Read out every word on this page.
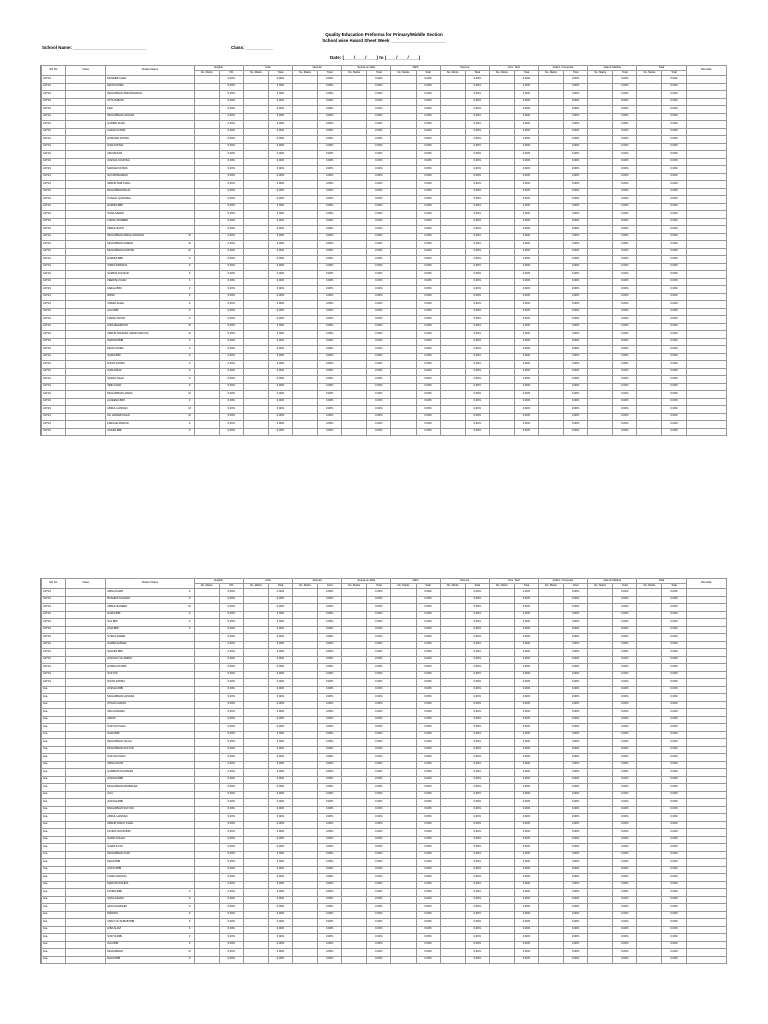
Quality Education Preforma for Primary/Middle Section
School wise Award Sheet Week ______________________
School Name: _____________________________	Class: ___________
Date: (____/____/____) to (____/____/____)
GR No.	Class	Student Name	English		Urdu		Islamiat		Seerat-un-Nabi		Math		Science		Com. Tech		Arabic / Computer		Islamic Madina		Total		Remarks
			No. Marks	5%	No. Marks	Total	No. Marks	Total	No. Marks	Total	No. Marks	Total	No. Marks	Total	No. Marks	Total	No. Marks	Total	No. Marks	Total	No. Marks	Total	
4473/1		MUNEEB KHAN		0.00%		0.00%		0.00%		0.00%		0.00%		0.00%		0.00%		0.00%		0.00%		0.00%	
4473/1		MAIN FATIMA		0.00%		0.00%		0.00%		0.00%		0.00%		0.00%		0.00%		0.00%		0.00%		0.00%	
4473/1		MUHAMMAD ABDURAHMAN		0.00%		0.00%		0.00%		0.00%		0.00%		0.00%		0.00%		0.00%		0.00%		0.00%	
4473/1		ATTA ZUBAIR		0.00%		0.00%		0.00%		0.00%		0.00%		0.00%		0.00%		0.00%		0.00%		0.00%	
4473/1		FAIZ		0.00%		0.00%		0.00%		0.00%		0.00%		0.00%		0.00%		0.00%		0.00%		0.00%	
4473/1		MUHAMMAD HASSAN		0.00%		0.00%		0.00%		0.00%		0.00%		0.00%		0.00%		0.00%		0.00%		0.00%	
4473/1		HAIDER KHAN		0.00%		0.00%		0.00%		0.00%		0.00%		0.00%		0.00%		0.00%		0.00%		0.00%	
4473/1		AAZAZ FATIMA		0.00%		0.00%		0.00%		0.00%		0.00%		0.00%		0.00%		0.00%		0.00%		0.00%	
4473/1		HUMAIRA FATIMA		0.00%		0.00%		0.00%		0.00%		0.00%		0.00%		0.00%		0.00%		0.00%		0.00%	
4473/1		HINA FATIMA		0.00%		0.00%		0.00%		0.00%		0.00%		0.00%		0.00%		0.00%		0.00%		0.00%	
4473/1		ABU BAKAR		0.00%		0.00%		0.00%		0.00%		0.00%		0.00%		0.00%		0.00%		0.00%		0.00%	
4473/1		AYESHA SULTANA		0.00%		0.00%		0.00%		0.00%		0.00%		0.00%		0.00%		0.00%		0.00%		0.00%	
4473/1		MARIAM FATIMA		0.00%		0.00%		0.00%		0.00%		0.00%		0.00%		0.00%		0.00%		0.00%		0.00%	
4473/1		NAYAB REHMAN		0.00%		0.00%		0.00%		0.00%		0.00%		0.00%		0.00%		0.00%		0.00%		0.00%	
4473/1		ABDUR RAB KHAN		0.00%		0.00%		0.00%		0.00%		0.00%		0.00%		0.00%		0.00%		0.00%		0.00%	
4473/1		MUHAMMAD BILAL		0.00%		0.00%		0.00%		0.00%		0.00%		0.00%		0.00%		0.00%		0.00%		0.00%	
4473/1		KUNAAL QURAISHI		0.00%		0.00%		0.00%		0.00%		0.00%		0.00%		0.00%		0.00%		0.00%		0.00%	
4473/1		HAMIDA BIBI		0.00%		0.00%		0.00%		0.00%		0.00%		0.00%		0.00%		0.00%		0.00%		0.00%	
4473/1		SANA SAEED		0.00%		0.00%		0.00%		0.00%		0.00%		0.00%		0.00%		0.00%		0.00%		0.00%	
4473/1		FIZZAH MUBEEN		0.00%		0.00%		0.00%		0.00%		0.00%		0.00%		0.00%		0.00%		0.00%		0.00%	
4473/1		ABDUL BASIT		0.00%		0.00%		0.00%		0.00%		0.00%		0.00%		0.00%		0.00%		0.00%		0.00%	
4473/1		MUHAMMAD ABDUL RAHMAN M		0.00%		0.00%		0.00%		0.00%		0.00%		0.00%		0.00%		0.00%		0.00%		0.00%	
4473/1		MUHAMMAD AHMED M		0.00%		0.00%		0.00%		0.00%		0.00%		0.00%		0.00%		0.00%		0.00%		0.00%	
4473/1		MUHAMMAD MUSTAN M		0.00%		0.00%		0.00%		0.00%		0.00%		0.00%		0.00%		0.00%		0.00%		0.00%	
4473/1		HAMIDA BIBI F		0.00%		0.00%		0.00%		0.00%		0.00%		0.00%		0.00%		0.00%		0.00%		0.00%	
4473/1		SIDRA FIRDAUS F		0.00%		0.00%		0.00%		0.00%		0.00%		0.00%		0.00%		0.00%		0.00%		0.00%	
4473/1		SAMINA KOUSAR F		0.00%		0.00%		0.00%		0.00%		0.00%		0.00%		0.00%		0.00%		0.00%		0.00%	
4473/1		ZEENISH KHAN F		0.00%		0.00%		0.00%		0.00%		0.00%		0.00%		0.00%		0.00%		0.00%		0.00%	
4473/1		FARAH BIBI F		0.00%		0.00%		0.00%		0.00%		0.00%		0.00%		0.00%		0.00%		0.00%		0.00%	
4473/1		RIZWI F		0.00%		0.00%		0.00%		0.00%		0.00%		0.00%		0.00%		0.00%		0.00%		0.00%	
4473/1		ANDRA SHAH F		0.00%		0.00%		0.00%		0.00%		0.00%		0.00%		0.00%		0.00%		0.00%		0.00%	
4473/1		ALIA BIBI F		0.00%		0.00%		0.00%		0.00%		0.00%		0.00%		0.00%		0.00%		0.00%		0.00%	
4473/1		FIZZAH NOOR F		0.00%		0.00%		0.00%		0.00%		0.00%		0.00%		0.00%		0.00%		0.00%		0.00%	
4473/1		HIRA MEHMOOD M		0.00%		0.00%		0.00%		0.00%		0.00%		0.00%		0.00%		0.00%		0.00%		0.00%	
4473/1		ABDUR RAHMAN UMAR FAROOQ M		0.00%		0.00%		0.00%		0.00%		0.00%		0.00%		0.00%		0.00%		0.00%		0.00%	
4473/1		MARIAM BIBI F		0.00%		0.00%		0.00%		0.00%		0.00%		0.00%		0.00%		0.00%		0.00%		0.00%	
4473/1		MAIN FATIMA F		0.00%		0.00%		0.00%		0.00%		0.00%		0.00%		0.00%		0.00%		0.00%		0.00%	
4473/1		SADIA BIBI F		0.00%		0.00%		0.00%		0.00%		0.00%		0.00%		0.00%		0.00%		0.00%		0.00%	
4473/1		NOOR FATIMA F		0.00%		0.00%		0.00%		0.00%		0.00%		0.00%		0.00%		0.00%		0.00%		0.00%	
4473/1		HIRA FIRAZ F		0.00%		0.00%		0.00%		0.00%		0.00%		0.00%		0.00%		0.00%		0.00%		0.00%	
4473/1		SARAH NAAZ F		0.00%		0.00%		0.00%		0.00%		0.00%		0.00%		0.00%		0.00%		0.00%		0.00%	
4473/1		ABID KHAN F		0.00%		0.00%		0.00%		0.00%		0.00%		0.00%		0.00%		0.00%		0.00%		0.00%	
4473/1		MUHAMMAD HAMZA M		0.00%		0.00%		0.00%		0.00%		0.00%		0.00%		0.00%		0.00%		0.00%		0.00%	
4473/1		ALVEENA BIBI F		0.00%		0.00%		0.00%		0.00%		0.00%		0.00%		0.00%		0.00%		0.00%		0.00%	
4473/1		ABDUL HANNAN M		0.00%		0.00%		0.00%		0.00%		0.00%		0.00%		0.00%		0.00%		0.00%		0.00%	
4473/1		ALI HAIDER KHAN M		0.00%		0.00%		0.00%		0.00%		0.00%		0.00%		0.00%		0.00%		0.00%		0.00%	
4473/1		FARIAHA IRSHAD F		0.00%		0.00%		0.00%		0.00%		0.00%		0.00%		0.00%		0.00%		0.00%		0.00%	
4473/1		ANSAR BIBI F		0.00%		0.00%		0.00%		0.00%		0.00%		0.00%		0.00%		0.00%		0.00%		0.00%	
GR No.	Class	Student Name	English		Urdu		Islamiat		Seerat-un-Nabi		Math		Science		Com. Tech		Arabic / Computer		Islamic Madina		Total		Remarks
			No. Marks	5%	No. Marks	Total	No. Marks	Total	No. Marks	Total	No. Marks	Total	No. Marks	Total	No. Marks	Total	No. Marks	Total	No. Marks	Total	No. Marks	Total	
4473/1		AMNA NAZIR F		0.00%		0.00%		0.00%		0.00%		0.00%		0.00%		0.00%		0.00%		0.00%		0.00%	
4473/1		BUSHRA KHANAM F		0.00%		0.00%		0.00%		0.00%		0.00%		0.00%		0.00%		0.00%		0.00%		0.00%	
4473/1		ABDUL BASEER M		0.00%		0.00%		0.00%		0.00%		0.00%		0.00%		0.00%		0.00%		0.00%		0.00%	
4473/1		NAZIA BIBI F		0.00%		0.00%		0.00%		0.00%		0.00%		0.00%		0.00%		0.00%		0.00%		0.00%	
4473/1		SAJ BIBI F		0.00%		0.00%		0.00%		0.00%		0.00%		0.00%		0.00%		0.00%		0.00%		0.00%	
4473/1		ASIA BIBI F		0.00%		0.00%		0.00%		0.00%		0.00%		0.00%		0.00%		0.00%		0.00%		0.00%	
4473/1		SYEDA SAEED		0.00%		0.00%		0.00%		0.00%		0.00%		0.00%		0.00%		0.00%		0.00%		0.00%	
4473/1		SAMRA ANWAR		0.00%		0.00%		0.00%		0.00%		0.00%		0.00%		0.00%		0.00%		0.00%		0.00%	
4473/1		SHAHIN BIBI		0.00%		0.00%		0.00%		0.00%		0.00%		0.00%		0.00%		0.00%		0.00%		0.00%	
4473/1		AYESHA TUL AMRIN		0.00%		0.00%		0.00%		0.00%		0.00%		0.00%		0.00%		0.00%		0.00%		0.00%	
4473/1		HUMNA FATIMA		0.00%		0.00%		0.00%		0.00%		0.00%		0.00%		0.00%		0.00%		0.00%		0.00%	
4473/1		SUFYAN		0.00%		0.00%		0.00%		0.00%		0.00%		0.00%		0.00%		0.00%		0.00%		0.00%	
4473/1		NOOR FATIMA		0.00%		0.00%		0.00%		0.00%		0.00%		0.00%		0.00%		0.00%		0.00%		0.00%	
4na		AYESHA BIBI		0.00%		0.00%		0.00%		0.00%		0.00%		0.00%		0.00%		0.00%		0.00%		0.00%	
4na		MUHAMMAD HASSAN		0.00%		0.00%		0.00%		0.00%		0.00%		0.00%		0.00%		0.00%		0.00%		0.00%	
4na		ZIYAAN AHSAN		0.00%		0.00%		0.00%		0.00%		0.00%		0.00%		0.00%		0.00%		0.00%		0.00%	
4na		ABU HURAIRA		0.00%		0.00%		0.00%		0.00%		0.00%		0.00%		0.00%		0.00%		0.00%		0.00%	
4na		AWAIS		0.00%		0.00%		0.00%		0.00%		0.00%		0.00%		0.00%		0.00%		0.00%		0.00%	
4na		SUFYAN KHAN		0.00%		0.00%		0.00%		0.00%		0.00%		0.00%		0.00%		0.00%		0.00%		0.00%	
4na		SAFA BIBI		0.00%		0.00%		0.00%		0.00%		0.00%		0.00%		0.00%		0.00%		0.00%		0.00%	
4na		MUHAMMAD TALHA		0.00%		0.00%		0.00%		0.00%		0.00%		0.00%		0.00%		0.00%		0.00%		0.00%	
4na		MUHAMMAD SUFYAN		0.00%		0.00%		0.00%		0.00%		0.00%		0.00%		0.00%		0.00%		0.00%		0.00%	
4na		SUFYAN KHAN		0.00%		0.00%		0.00%		0.00%		0.00%		0.00%		0.00%		0.00%		0.00%		0.00%	
4na		AMNA NOOR		0.00%		0.00%		0.00%		0.00%		0.00%		0.00%		0.00%		0.00%		0.00%		0.00%	
4na		HAMMAD KHURSHID		0.00%		0.00%		0.00%		0.00%		0.00%		0.00%		0.00%		0.00%		0.00%		0.00%	
4na		AYESHA BIBI		0.00%		0.00%		0.00%		0.00%		0.00%		0.00%		0.00%		0.00%		0.00%		0.00%	
4na		MUHAMMAD ABUBAKAR		0.00%		0.00%		0.00%		0.00%		0.00%		0.00%		0.00%		0.00%		0.00%		0.00%	
4na		ALIA		0.00%		0.00%		0.00%		0.00%		0.00%		0.00%		0.00%		0.00%		0.00%		0.00%	
4na		AYESHA BIBI		0.00%		0.00%		0.00%		0.00%		0.00%		0.00%		0.00%		0.00%		0.00%		0.00%	
4na		MUHAMMAD SUFYAN		0.00%		0.00%		0.00%		0.00%		0.00%		0.00%		0.00%		0.00%		0.00%		0.00%	
4na		ABDUL HANNAN		0.00%		0.00%		0.00%		0.00%		0.00%		0.00%		0.00%		0.00%		0.00%		0.00%	
4na		ABDUR RAFAY KHAN		0.00%		0.00%		0.00%		0.00%		0.00%		0.00%		0.00%		0.00%		0.00%		0.00%	
4na		FATIMA NOOR BIBI		0.00%		0.00%		0.00%		0.00%		0.00%		0.00%		0.00%		0.00%		0.00%		0.00%	
4na		SAMIA SOHAIL		0.00%		0.00%		0.00%		0.00%		0.00%		0.00%		0.00%		0.00%		0.00%		0.00%	
4na		SAMIA ILYAS		0.00%		0.00%		0.00%		0.00%		0.00%		0.00%		0.00%		0.00%		0.00%		0.00%	
4na		MUHAMMAD AYAN		0.00%		0.00%		0.00%		0.00%		0.00%		0.00%		0.00%		0.00%		0.00%		0.00%	
4na		MAHA BIBI		0.00%		0.00%		0.00%		0.00%		0.00%		0.00%		0.00%		0.00%		0.00%		0.00%	
4na		ANAYA BIBI		0.00%		0.00%		0.00%		0.00%		0.00%		0.00%		0.00%		0.00%		0.00%		0.00%	
4na		KINZA FAROOQ		0.00%		0.00%		0.00%		0.00%		0.00%		0.00%		0.00%		0.00%		0.00%		0.00%	
4na		MARYAM FATIMA		0.00%		0.00%		0.00%		0.00%		0.00%		0.00%		0.00%		0.00%		0.00%		0.00%	
4na		FATIMA BIBI F		0.00%		0.00%		0.00%		0.00%		0.00%		0.00%		0.00%		0.00%		0.00%		0.00%	
4na		AQSA ZAHRA F		0.00%		0.00%		0.00%		0.00%		0.00%		0.00%		0.00%		0.00%		0.00%		0.00%	
4na		AFIA KHURSHID F		0.00%		0.00%		0.00%		0.00%		0.00%		0.00%		0.00%		0.00%		0.00%		0.00%	
4na		MARIAM F		0.00%		0.00%		0.00%		0.00%		0.00%		0.00%		0.00%		0.00%		0.00%		0.00%	
4na		UMM TUL RUBAB BIBI F		0.00%		0.00%		0.00%		0.00%		0.00%		0.00%		0.00%		0.00%		0.00%		0.00%	
4na		HIBA AIJAZ F		0.00%		0.00%		0.00%		0.00%		0.00%		0.00%		0.00%		0.00%		0.00%		0.00%	
4na		SOFIYA BIBI F		0.00%		0.00%		0.00%		0.00%		0.00%		0.00%		0.00%		0.00%		0.00%		0.00%	
4na		ALIA BIBI F		0.00%		0.00%		0.00%		0.00%		0.00%		0.00%		0.00%		0.00%		0.00%		0.00%	
4na		MUHAMMAD M		0.00%		0.00%		0.00%		0.00%		0.00%		0.00%		0.00%		0.00%		0.00%		0.00%	
4na		MAHA BIBI F		0.00%		0.00%		0.00%		0.00%		0.00%		0.00%		0.00%		0.00%		0.00%		0.00%	
